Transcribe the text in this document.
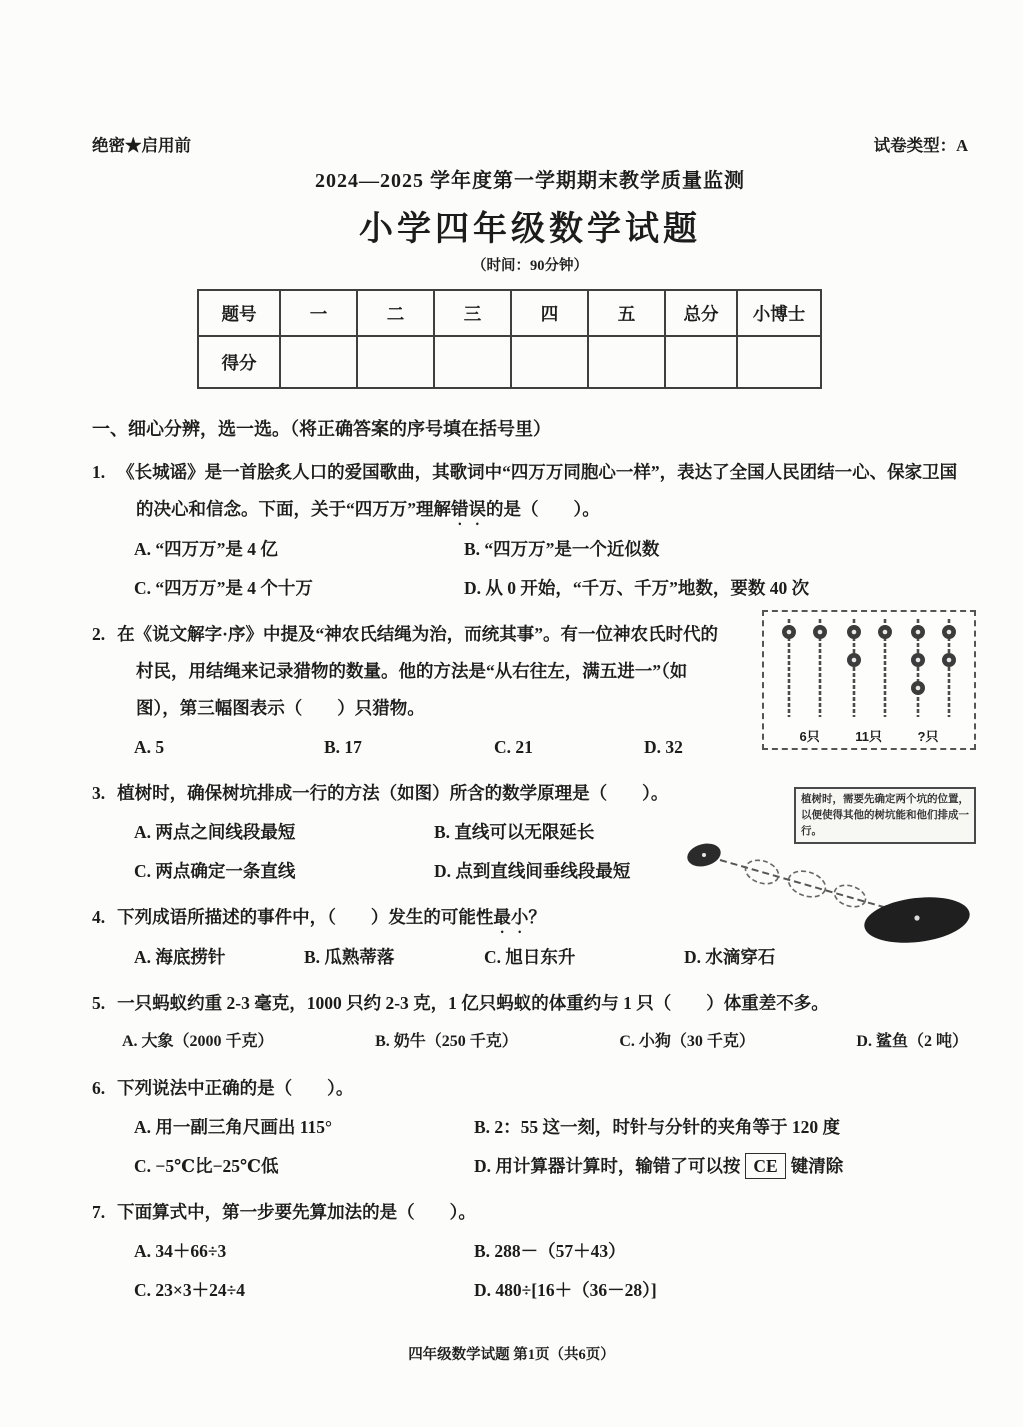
绝密★启用前	试卷类型：A
2024—2025 学年度第一学期期末教学质量监测
小学四年级数学试题
（时间：90分钟）
题号	一	二	三	四	五	总分	小博士
得分							
一、细心分辨，选一选。（将正确答案的序号填在括号里）
1. 《长城谣》是一首脍炙人口的爱国歌曲，其歌词中“四万万同胞心一样”，表达了全国人民团结一心、保家卫国的决心和信念。下面，关于“四万万”理解错误的是（　　）。
A. “四万万”是 4 亿	B. “四万万”是一个近似数
C. “四万万”是 4 个十万	D. 从 0 开始，“千万、千万”地数，要数 40 次
6只	11只	?只
2. 在《说文解字·序》中提及“神农氏结绳为治，而统其事”。有一位神农氏时代的村民，用结绳来记录猎物的数量。他的方法是“从右往左，满五进一”（如图），第三幅图表示（　　）只猎物。
A. 5	B. 17	C. 21	D. 32
植树时，需要先确定两个坑的位置，以便使得其他的树坑能和他们排成一行。
3. 植树时，确保树坑排成一行的方法（如图）所含的数学原理是（　　）。
A. 两点之间线段最短	B. 直线可以无限延长
C. 两点确定一条直线	D. 点到直线间垂线段最短
4. 下列成语所描述的事件中，（　　）发生的可能性最小？
A. 海底捞针	B. 瓜熟蒂落	C. 旭日东升	D. 水滴穿石
5. 一只蚂蚁约重 2-3 毫克，1000 只约 2-3 克，1 亿只蚂蚁的体重约与 1 只（　　）体重差不多。
A. 大象（2000 千克）	B. 奶牛（250 千克）	C. 小狗（30 千克）	D. 鲨鱼（2 吨）
6. 下列说法中正确的是（　　）。
A. 用一副三角尺画出 115°	B. 2：55 这一刻，时针与分针的夹角等于 120 度
C. −5℃比−25℃低	D. 用计算器计算时，输错了可以按 CE 键清除
7. 下面算式中，第一步要先算加法的是（　　）。
A. 34＋66÷3	B. 288－（57＋43）
C. 23×3＋24÷4	D. 480÷[16＋（36－28）]
四年级数学试题 第1页（共6页）
